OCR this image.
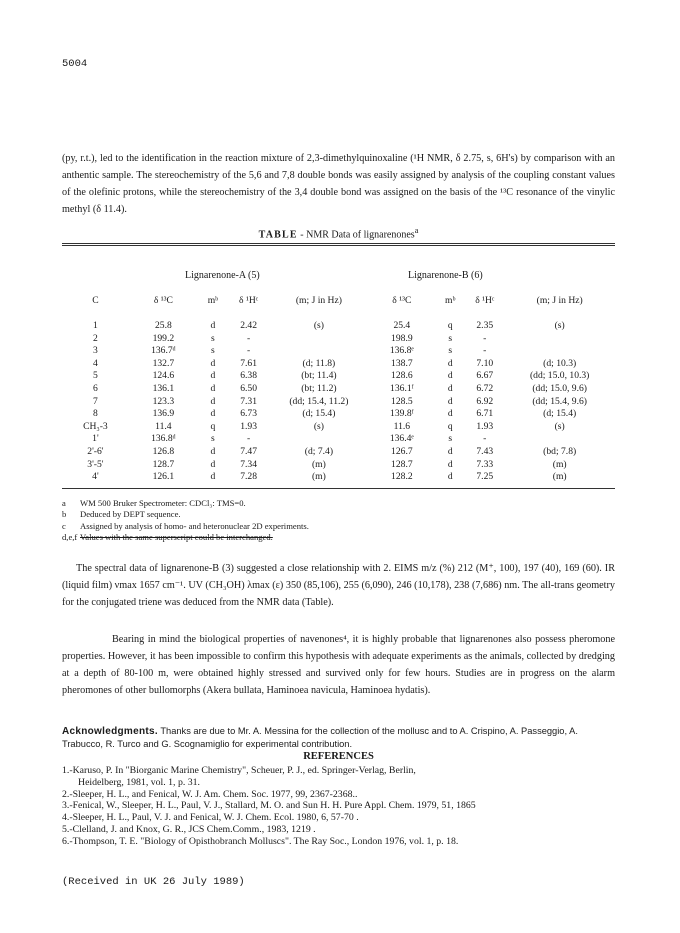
5004

(py, r.t.), led to the identification in the reaction mixture of 2,3-dimethylquinoxaline (¹H NMR, δ 2.75, s, 6H's) by comparison with an anthentic sample. The stereochemistry of the 5,6 and 7,8 double bonds was easily assigned by analysis of the coupling constant values of the olefinic protons, while the stereochemistry of the 3,4 double bond was assigned on the basis of the ¹³C resonance of the vinylic methyl (δ 11.4).

TABLE - NMR Data of lignarenones$^a$
Lignarenone-A (5)	Lignarenone-B (6)

C	δ ¹³C	mᵇ	δ ¹Hᶜ	(m; J in Hz)	δ ¹³C	mᵇ	δ ¹Hᶜ	(m; J in Hz)

1	25.8	d	2.42	(s)	25.4	q	2.35	(s)
2	199.2	s	-		198.9	s	-	
3	136.7ᵈ	s	-		136.8ᵉ	s	-	
4	132.7	d	7.61	(d; 11.8)	138.7	d	7.10	(d; 10.3)
5	124.6	d	6.38	(bt; 11.4)	128.6	d	6.67	(dd; 15.0, 10.3)
6	136.1	d	6.50	(bt; 11.2)	136.1ᶠ	d	6.72	(dd; 15.0, 9.6)
7	123.3	d	7.31	(dd; 15.4, 11.2)	128.5	d	6.92	(dd; 15.4, 9.6)
8	136.9	d	6.73	(d; 15.4)	139.8ᶠ	d	6.71	(d; 15.4)
CH₃-3	11.4	q	1.93	(s)	11.6	q	1.93	(s)
1'	136.8ᵈ	s	-		136.4ᵉ	s	-	
2'-6'	126.8	d	7.47	(d; 7.4)	126.7	d	7.43	(bd; 7.8)
3'-5'	128.7	d	7.34	(m)	128.7	d	7.33	(m)
4'	126.1	d	7.28	(m)	128.2	d	7.25	(m)
a	WM 500 Bruker Spectrometer: CDCl₃: TMS=0.
b	Deduced by DEPT sequence.
c	Assigned by analysis of homo- and heteronuclear 2D experiments.
d,e,f Values with the same superscript could be interchanged.

The spectral data of lignarenone-B (3) suggested a close relationship with 2. EIMS m/z (%) 212 (M⁺, 100), 197 (40), 169 (60). IR (liquid film) νmax 1657 cm⁻¹. UV (CH₃OH) λmax (ε) 350 (85,106), 255 (6,090), 246 (10,178), 238 (7,686) nm. The all-trans geometry for the conjugated triene was deduced from the NMR data (Table).

Bearing in mind the biological properties of navenones⁴, it is highly probable that lignarenones also possess pheromone properties. However, it has been impossible to confirm this hypothesis with adequate experiments as the animals, collected by dredging at a depth of 80-100 m, were obtained highly stressed and survived only for few hours. Studies are in progress on the alarm pheromones of other bullomorphs (Akera bullata, Haminoea navicula, Haminoea hydatis).

Acknowledgments. Thanks are due to Mr. A. Messina for the collection of the mollusc and to A. Crispino, A. Passeggio, A. Trabucco, R. Turco and G. Scognamiglio for experimental contribution.
REFERENCES
1.-Karuso, P. In "Biorganic Marine Chemistry", Scheuer, P. J., ed. Springer-Verlag, Berlin,
Heidelberg, 1981, vol. 1, p. 31.
2.-Sleeper, H. L., and Fenical, W. J. Am. Chem. Soc. 1977, 99, 2367-2368..
3.-Fenical, W., Sleeper, H. L., Paul, V. J., Stallard, M. O. and Sun H. H. Pure Appl. Chem. 1979, 51, 1865
4.-Sleeper, H. L., Paul, V. J. and Fenical, W. J. Chem. Ecol. 1980, 6, 57-70 .
5.-Clelland, J. and Knox, G. R., JCS Chem.Comm., 1983, 1219 .
6.-Thompson, T. E. "Biology of Opisthobranch Molluscs". The Ray Soc., London 1976, vol. 1, p. 18.
(Received in UK 26 July 1989)
